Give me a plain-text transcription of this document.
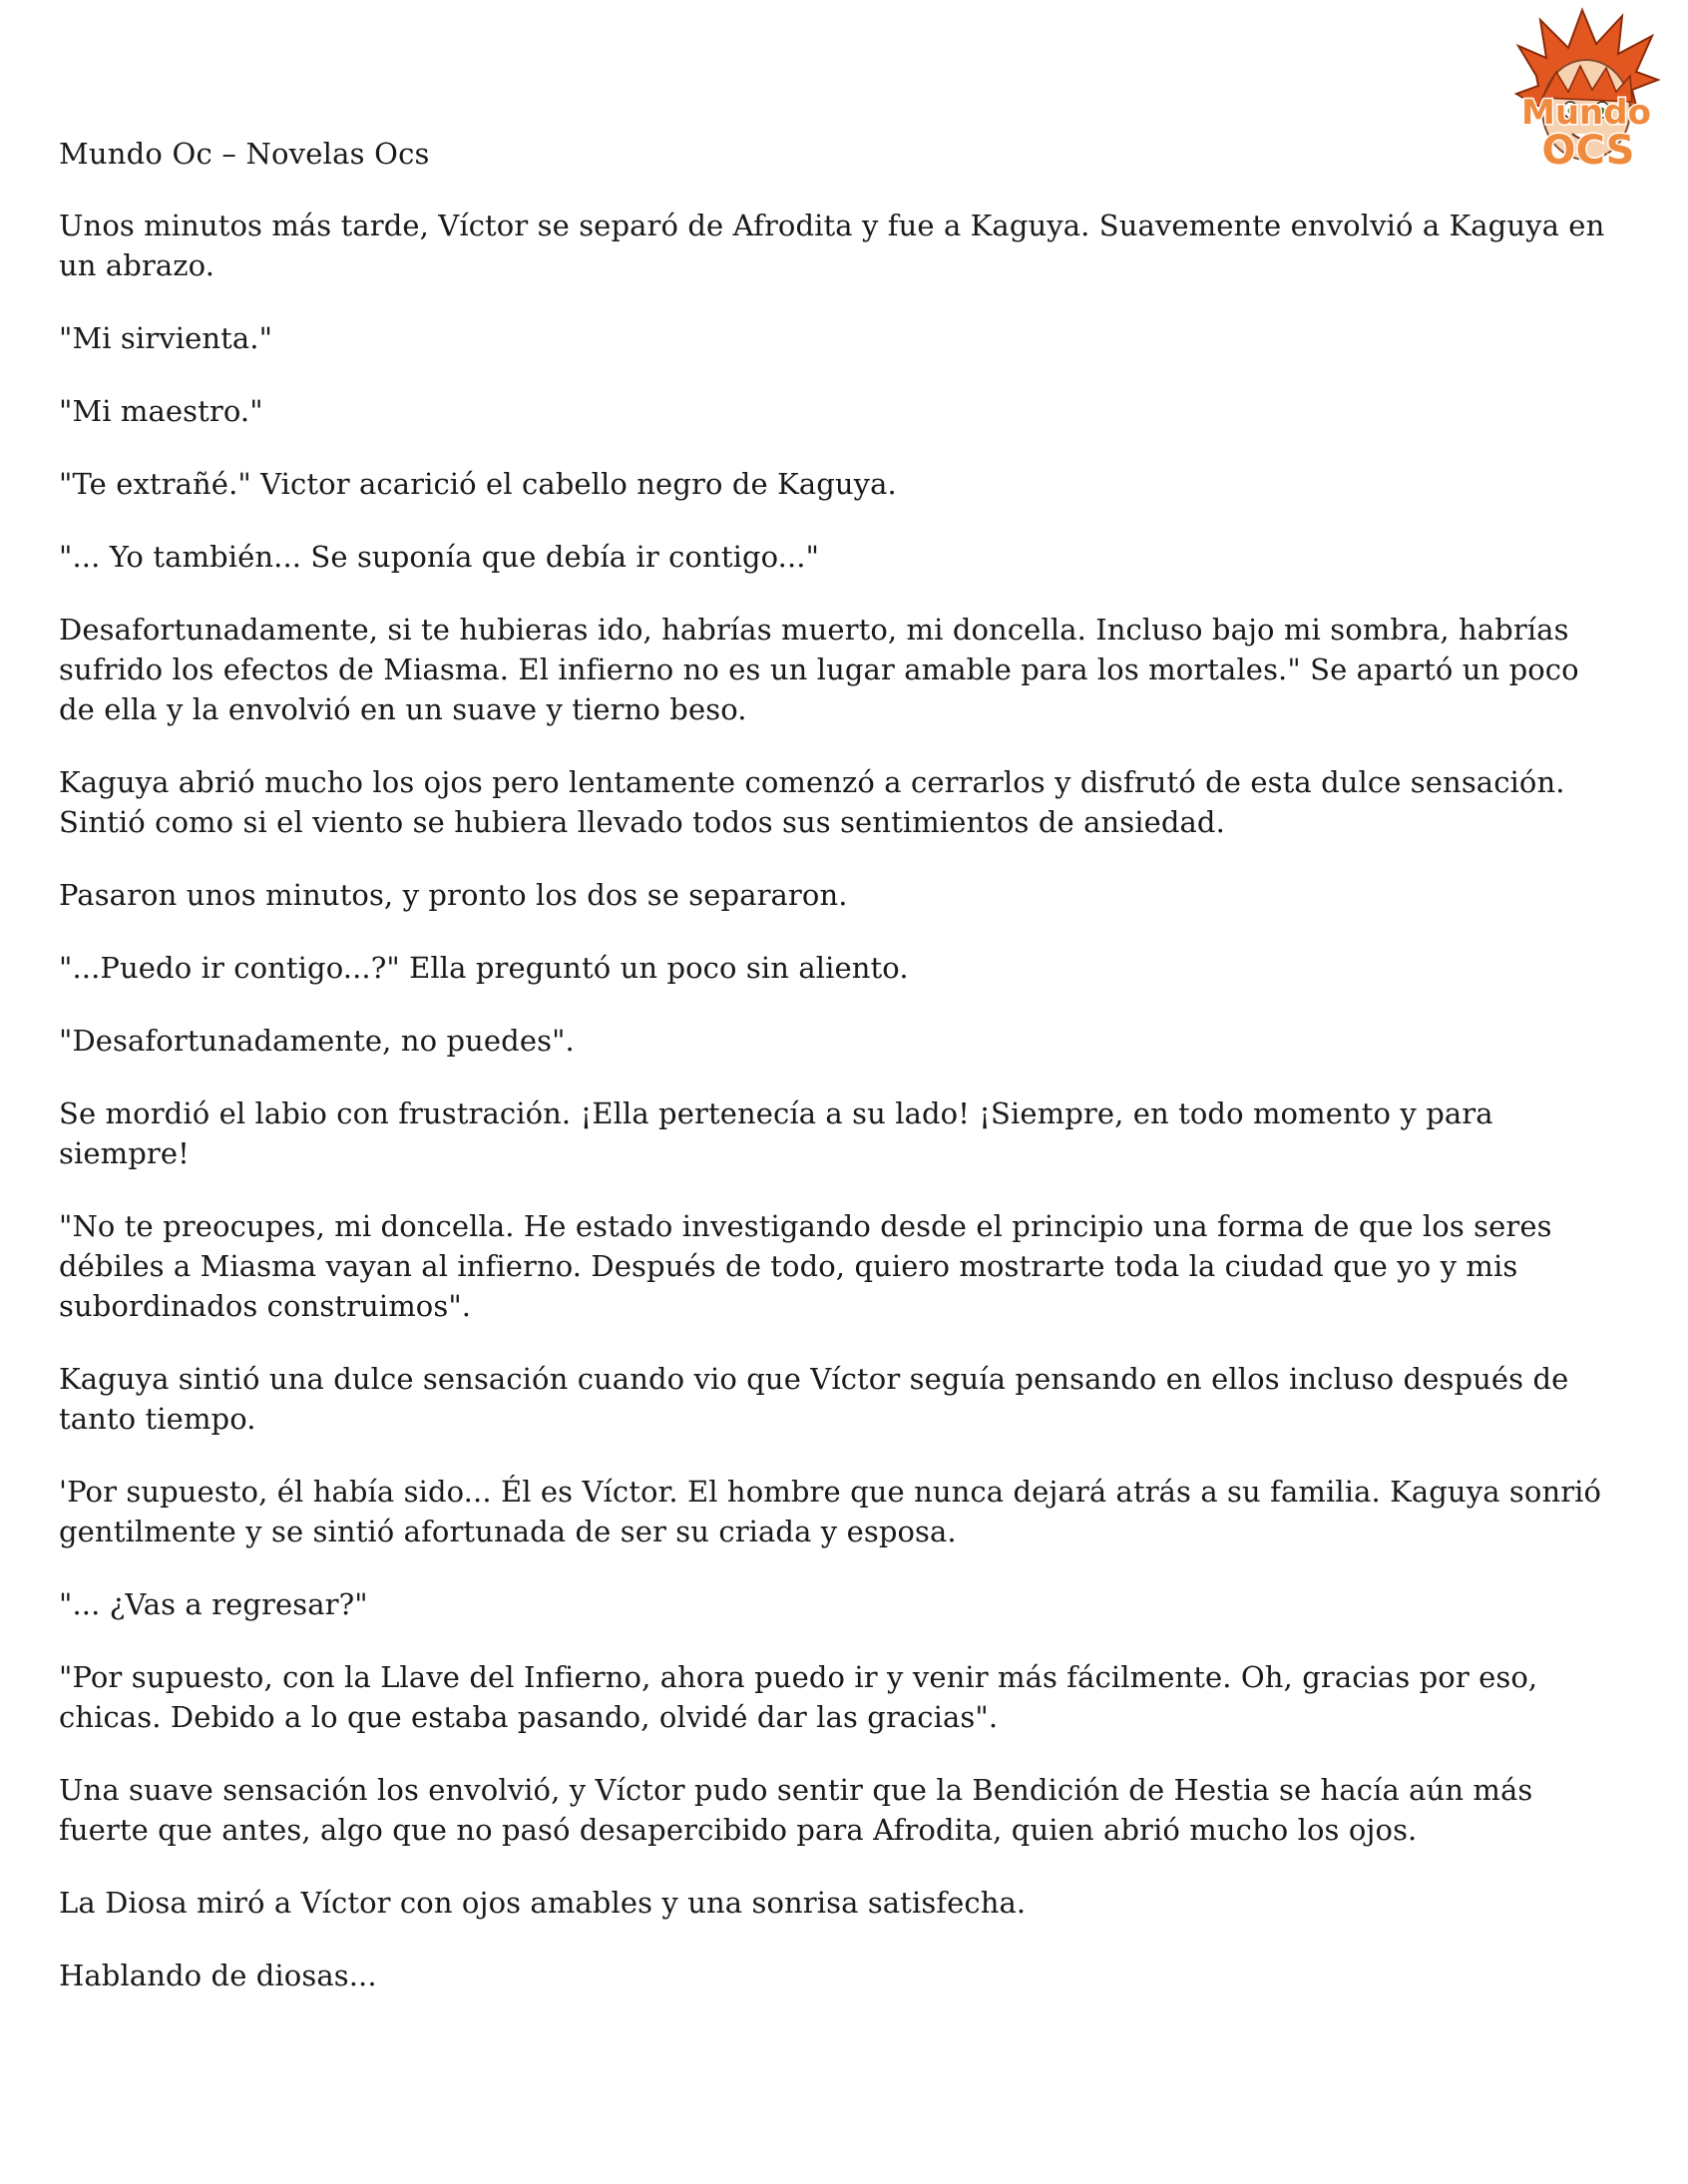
Mundo Oc – Novelas Ocs
Mundo
OCS

Unos minutos más tarde, Víctor se separó de Afrodita y fue a Kaguya. Suavemente envolvió a Kaguya en un abrazo.

"Mi sirvienta."

"Mi maestro."

"Te extrañé." Victor acarició el cabello negro de Kaguya.

"... Yo también... Se suponía que debía ir contigo..."

Desafortunadamente, si te hubieras ido, habrías muerto, mi doncella. Incluso bajo mi sombra, habrías sufrido los efectos de Miasma. El infierno no es un lugar amable para los mortales." Se apartó un poco de ella y la envolvió en un suave y tierno beso.

Kaguya abrió mucho los ojos pero lentamente comenzó a cerrarlos y disfrutó de esta dulce sensación. Sintió como si el viento se hubiera llevado todos sus sentimientos de ansiedad.

Pasaron unos minutos, y pronto los dos se separaron.

"...Puedo ir contigo...?" Ella preguntó un poco sin aliento.

"Desafortunadamente, no puedes".

Se mordió el labio con frustración. ¡Ella pertenecía a su lado! ¡Siempre, en todo momento y para siempre!

"No te preocupes, mi doncella. He estado investigando desde el principio una forma de que los seres débiles a Miasma vayan al infierno. Después de todo, quiero mostrarte toda la ciudad que yo y mis subordinados construimos".

Kaguya sintió una dulce sensación cuando vio que Víctor seguía pensando en ellos incluso después de tanto tiempo.

'Por supuesto, él había sido... Él es Víctor. El hombre que nunca dejará atrás a su familia. Kaguya sonrió gentilmente y se sintió afortunada de ser su criada y esposa.

"... ¿Vas a regresar?"

"Por supuesto, con la Llave del Infierno, ahora puedo ir y venir más fácilmente. Oh, gracias por eso, chicas. Debido a lo que estaba pasando, olvidé dar las gracias".

Una suave sensación los envolvió, y Víctor pudo sentir que la Bendición de Hestia se hacía aún más fuerte que antes, algo que no pasó desapercibido para Afrodita, quien abrió mucho los ojos.

La Diosa miró a Víctor con ojos amables y una sonrisa satisfecha.

Hablando de diosas...
